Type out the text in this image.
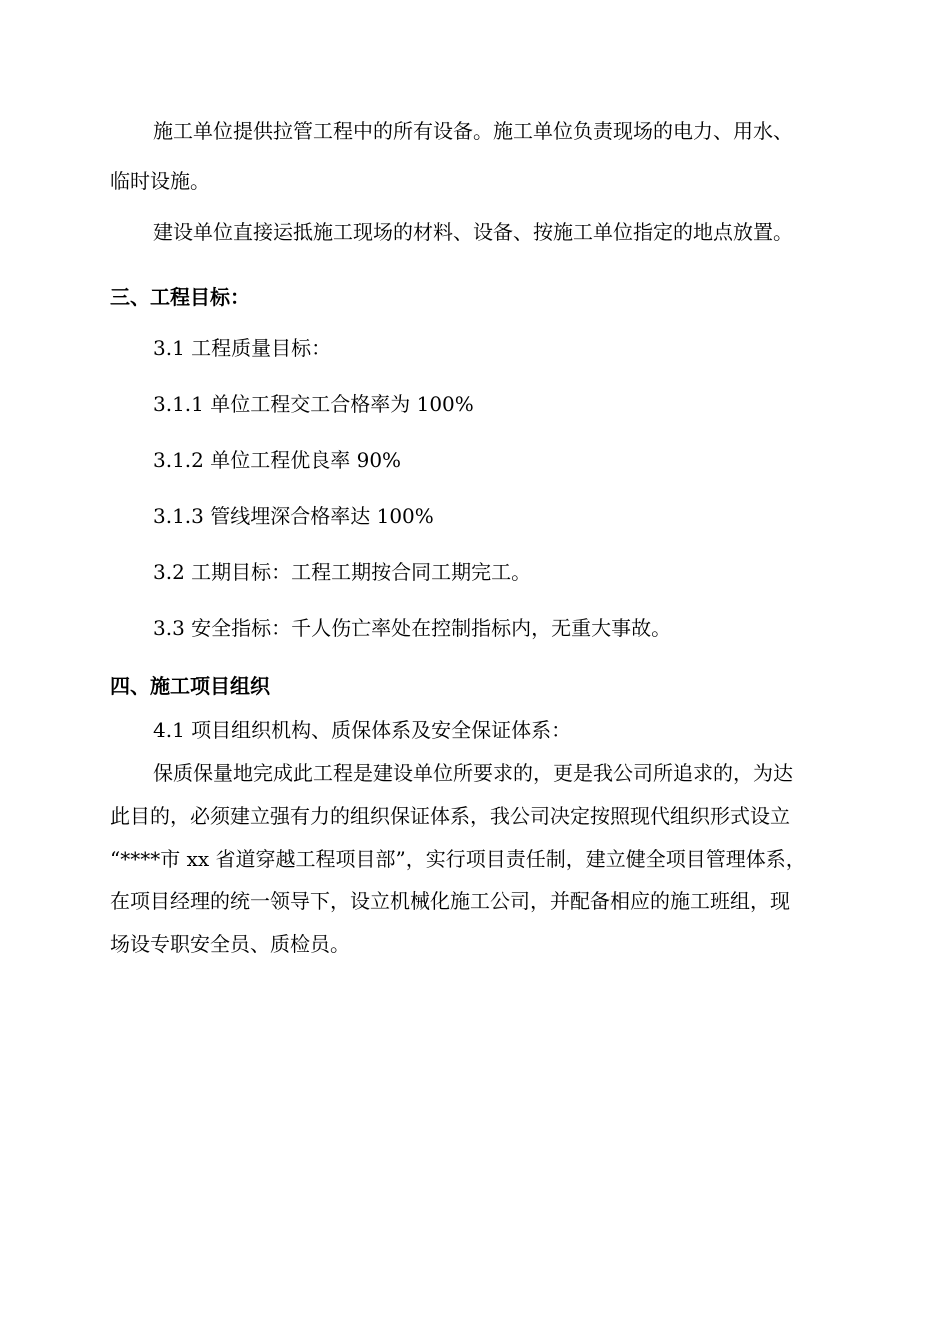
施工单位提供拉管工程中的所有设备。施工单位负责现场的电力、用水、
临时设施。
建设单位直接运抵施工现场的材料、设备、按施工单位指定的地点放置。
三、工程目标：
3.1 工程质量目标：
3.1.1 单位工程交工合格率为 100%
3.1.2 单位工程优良率 90%
3.1.3 管线埋深合格率达 100%
3.2 工期目标：工程工期按合同工期完工。
3.3 安全指标：千人伤亡率处在控制指标内，无重大事故。
四、施工项目组织
4.1 项目组织机构、质保体系及安全保证体系：
保质保量地完成此工程是建设单位所要求的，更是我公司所追求的，为达
此目的，必须建立强有力的组织保证体系，我公司决定按照现代组织形式设立
“****市 xx 省道穿越工程项目部”，实行项目责任制，建立健全项目管理体系，
在项目经理的统一领导下，设立机械化施工公司，并配备相应的施工班组，现
场设专职安全员、质检员。
